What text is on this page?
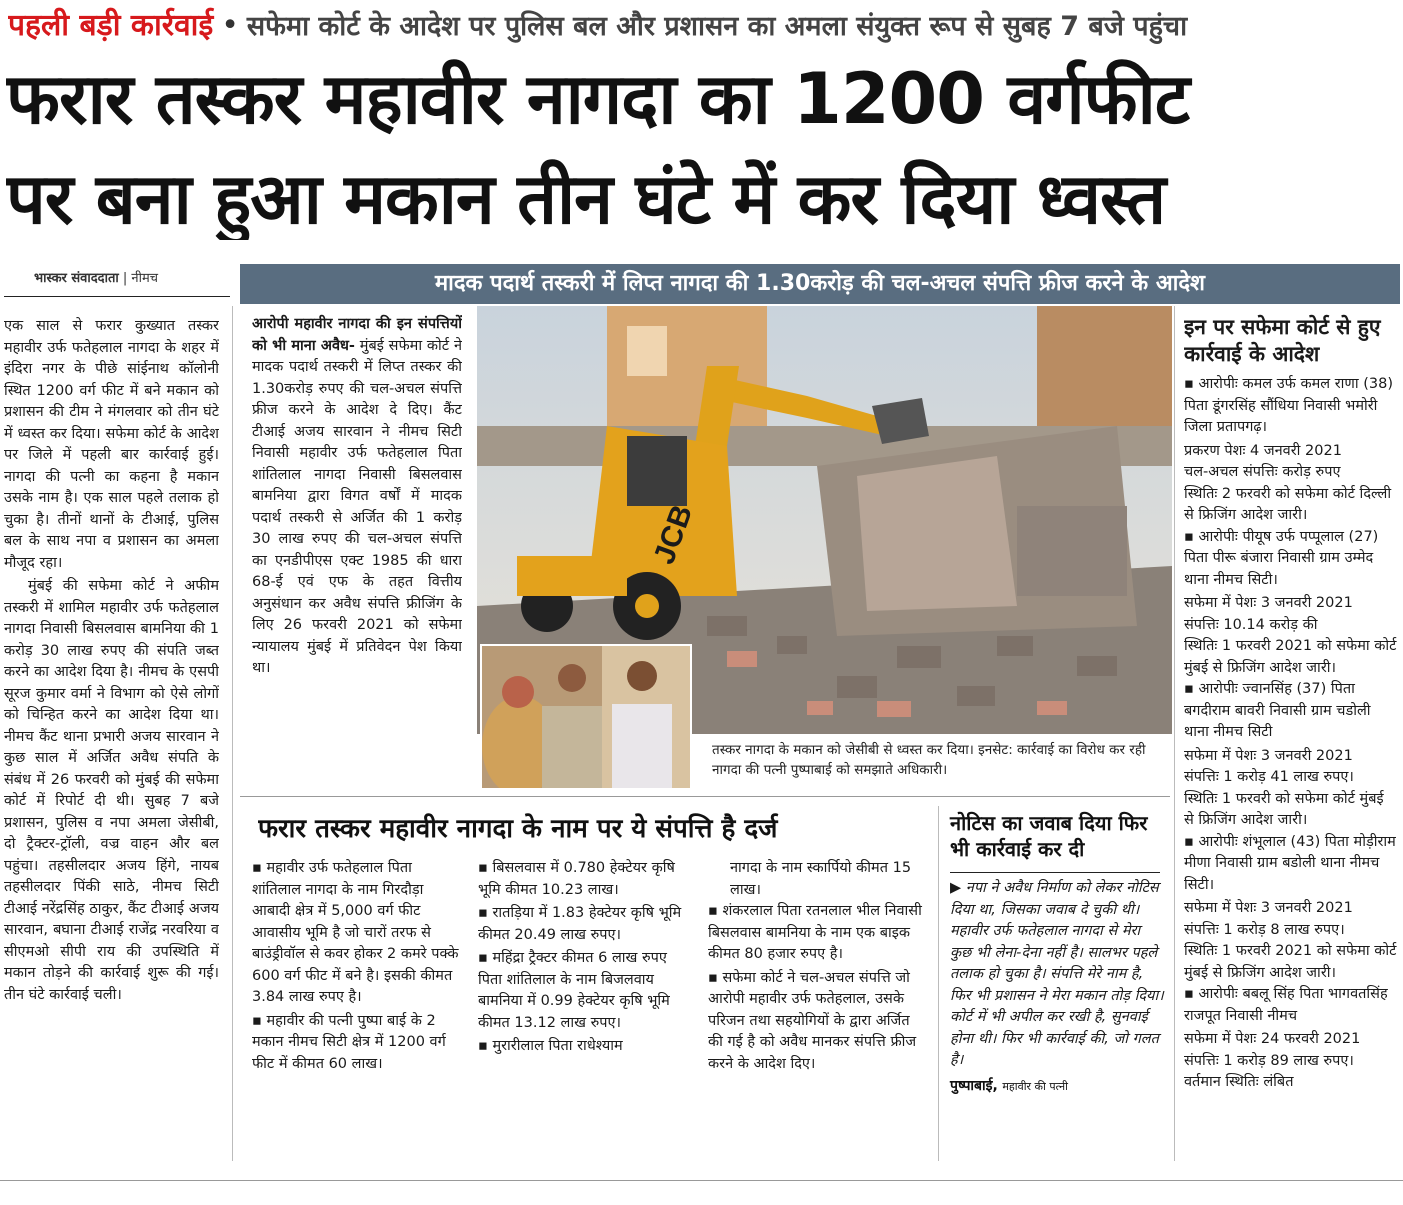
पहली बड़ी कार्रवाई • सफेमा कोर्ट के आदेश पर पुलिस बल और प्रशासन का अमला संयुक्त रूप से सुबह 7 बजे पहुंचा
फरार तस्कर महावीर नागदा का 1200 वर्गफीट
पर बना हुआ मकान तीन घंटे में कर दिया ध्वस्त
भास्कर संवाददाता | नीमच	मादक पदार्थ तस्करी में लिप्त नागदा की 1.30करोड़ की चल-अचल संपत्ति फ्रीज करने के आदेश

एक साल से फरार कुख्यात तस्कर महावीर उर्फ फतेहलाल नागदा के शहर में इंदिरा नगर के पीछे सांईनाथ कॉलोनी स्थित 1200 वर्ग फीट में बने मकान को प्रशासन की टीम ने मंगलवार को तीन घंटे में ध्वस्त कर दिया। सफेमा कोर्ट के आदेश पर जिले में पहली बार कार्रवाई हुई। नागदा की पत्नी का कहना है मकान उसके नाम है। एक साल पहले तलाक हो चुका है। तीनों थानों के टीआई, पुलिस बल के साथ नपा व प्रशासन का अमला मौजूद रहा।

मुंबई की सफेमा कोर्ट ने अफीम तस्करी में शामिल महावीर उर्फ फतेहलाल नागदा निवासी बिसलवास बामनिया की 1 करोड़ 30 लाख रुपए की संपति जब्त करने का आदेश दिया है। नीमच के एसपी सूरज कुमार वर्मा ने विभाग को ऐसे लोगों को चिन्हित करने का आदेश दिया था। नीमच कैंट थाना प्रभारी अजय सारवान ने कुछ साल में अर्जित अवैध संपति के संबंध में 26 फरवरी को मुंबई की सफेमा कोर्ट में रिपोर्ट दी थी। सुबह 7 बजे प्रशासन, पुलिस व नपा अमला जेसीबी, दो ट्रैक्टर-ट्रॉली, वज्र वाहन और बल पहुंचा। तहसीलदार अजय हिंगे, नायब तहसीलदार पिंकी साठे, नीमच सिटी टीआई नरेंद्रसिंह ठाकुर, कैंट टीआई अजय सारवान, बघाना टीआई राजेंद्र नरवरिया व सीएमओ सीपी राय की उपस्थिति में मकान तोड़ने की कार्रवाई शुरू की गई। तीन घंटे कार्रवाई चली।

आरोपी महावीर नागदा की इन संपत्तियों को भी माना अवैध- मुंबई सफेमा कोर्ट ने मादक पदार्थ तस्करी में लिप्त तस्कर की 1.30करोड़ रुपए की चल-अचल संपत्ति फ्रीज करने के आदेश दे दिए। कैंट टीआई अजय सारवान ने नीमच सिटी निवासी महावीर उर्फ फतेहलाल पिता शांतिलाल नागदा निवासी बिसलवास बामनिया द्वारा विगत वर्षों में मादक पदार्थ तस्करी से अर्जित की 1 करोड़ 30 लाख रुपए की चल-अचल संपत्ति का एनडीपीएस एक्ट 1985 की धारा 68-ई एवं एफ के तहत वित्तीय अनुसंधान कर अवैध संपत्ति फ्रीजिंग के लिए 26 फरवरी 2021 को सफेमा न्यायालय मुंबई में प्रतिवेदन पेश किया था।
JCB
तस्कर नागदा के मकान को जेसीबी से ध्वस्त कर दिया। इनसेट: कार्रवाई का विरोध कर रही नागदा की पत्नी पुष्पाबाई को समझाते अधिकारी।
इन पर सफेमा कोर्ट से हुए कार्रवाई के आदेश
▪ आरोपीः कमल उर्फ कमल राणा (38) पिता डूंगरसिंह सौंधिया निवासी भमोरी जिला प्रतापगढ़।
प्रकरण पेशः 4 जनवरी 2021
चल-अचल संपत्तिः करोड़ रुपए
स्थितिः 2 फरवरी को सफेमा कोर्ट दिल्ली से फ्रिजिंग आदेश जारी।
▪ आरोपीः पीयूष उर्फ पप्पूलाल (27) पिता पीरू बंजारा निवासी ग्राम उम्मेद थाना नीमच सिटी।
सफेमा में पेशः 3 जनवरी 2021
संपत्तिः 10.14 करोड़ की
स्थितिः 1 फरवरी 2021 को सफेमा कोर्ट मुंबई से फ्रिजिंग आदेश जारी।
▪ आरोपीः ज्वानसिंह (37) पिता बगदीराम बावरी निवासी ग्राम चडोली थाना नीमच सिटी
सफेमा में पेशः 3 जनवरी 2021
संपत्तिः 1 करोड़ 41 लाख रुपए।
स्थितिः 1 फरवरी को सफेमा कोर्ट मुंबई से फ्रिजिंग आदेश जारी।
▪ आरोपीः शंभूलाल (43) पिता मोड़ीराम मीणा निवासी ग्राम बडोली थाना नीमच सिटी।
सफेमा में पेशः 3 जनवरी 2021
संपत्तिः 1 करोड़ 8 लाख रुपए।
स्थितिः 1 फरवरी 2021 को सफेमा कोर्ट मुंबई से फ्रिजिंग आदेश जारी।
▪ आरोपीः बबलू सिंह पिता भागवतसिंह राजपूत निवासी नीमच
सफेमा में पेशः 24 फरवरी 2021
संपत्तिः 1 करोड़ 89 लाख रुपए।
वर्तमान स्थितिः लंबित
फरार तस्कर महावीर नागदा के नाम पर ये संपत्ति है दर्ज
▪ महावीर उर्फ फतेहलाल पिता शांतिलाल नागदा के नाम गिरदौड़ा आबादी क्षेत्र में 5,000 वर्ग फीट आवासीय भूमि है जो चारों तरफ से बाउंड्रीवॉल से कवर होकर 2 कमरे पक्के 600 वर्ग फीट में बने है। इसकी कीमत 3.84 लाख रुपए है।
▪ महावीर की पत्नी पुष्पा बाई के 2 मकान नीमच सिटी क्षेत्र में 1200 वर्ग फीट में कीमत 60 लाख।
▪ बिसलवास में 0.780 हेक्टेयर कृषि भूमि कीमत 10.23 लाख।
▪ रातड़िया में 1.83 हेक्टेयर कृषि भूमि कीमत 20.49 लाख रुपए।
▪ महिंद्रा ट्रैक्टर कीमत 6 लाख रुपए पिता शांतिलाल के नाम बिजलवाय बामनिया में 0.99 हेक्टेयर कृषि भूमि कीमत 13.12 लाख रुपए।
▪ मुरारीलाल पिता राधेश्याम
नागदा के नाम स्कार्पियो कीमत 15 लाख।
▪ शंकरलाल पिता रतनलाल भील निवासी बिसलवास बामनिया के नाम एक बाइक कीमत 80 हजार रुपए है।
▪ सफेमा कोर्ट ने चल-अचल संपत्ति जो आरोपी महावीर उर्फ फतेहलाल, उसके परिजन तथा सहयोगियों के द्वारा अर्जित की गई है को अवैध मानकर संपत्ति फ्रीज करने के आदेश दिए।
नोटिस का जवाब दिया फिर भी कार्रवाई कर दी
▶ नपा ने अवैध निर्माण को लेकर नोटिस दिया था, जिसका जवाब दे चुकी थी। महावीर उर्फ फतेहलाल नागदा से मेरा कुछ भी लेना-देना नहीं है। सालभर पहले तलाक हो चुका है। संपत्ति मेरे नाम है, फिर भी प्रशासन ने मेरा मकान तोड़ दिया। कोर्ट में भी अपील कर रखी है, सुनवाई होना थी। फिर भी कार्रवाई की, जो गलत है।
पुष्पाबाई, महावीर की पत्नी
